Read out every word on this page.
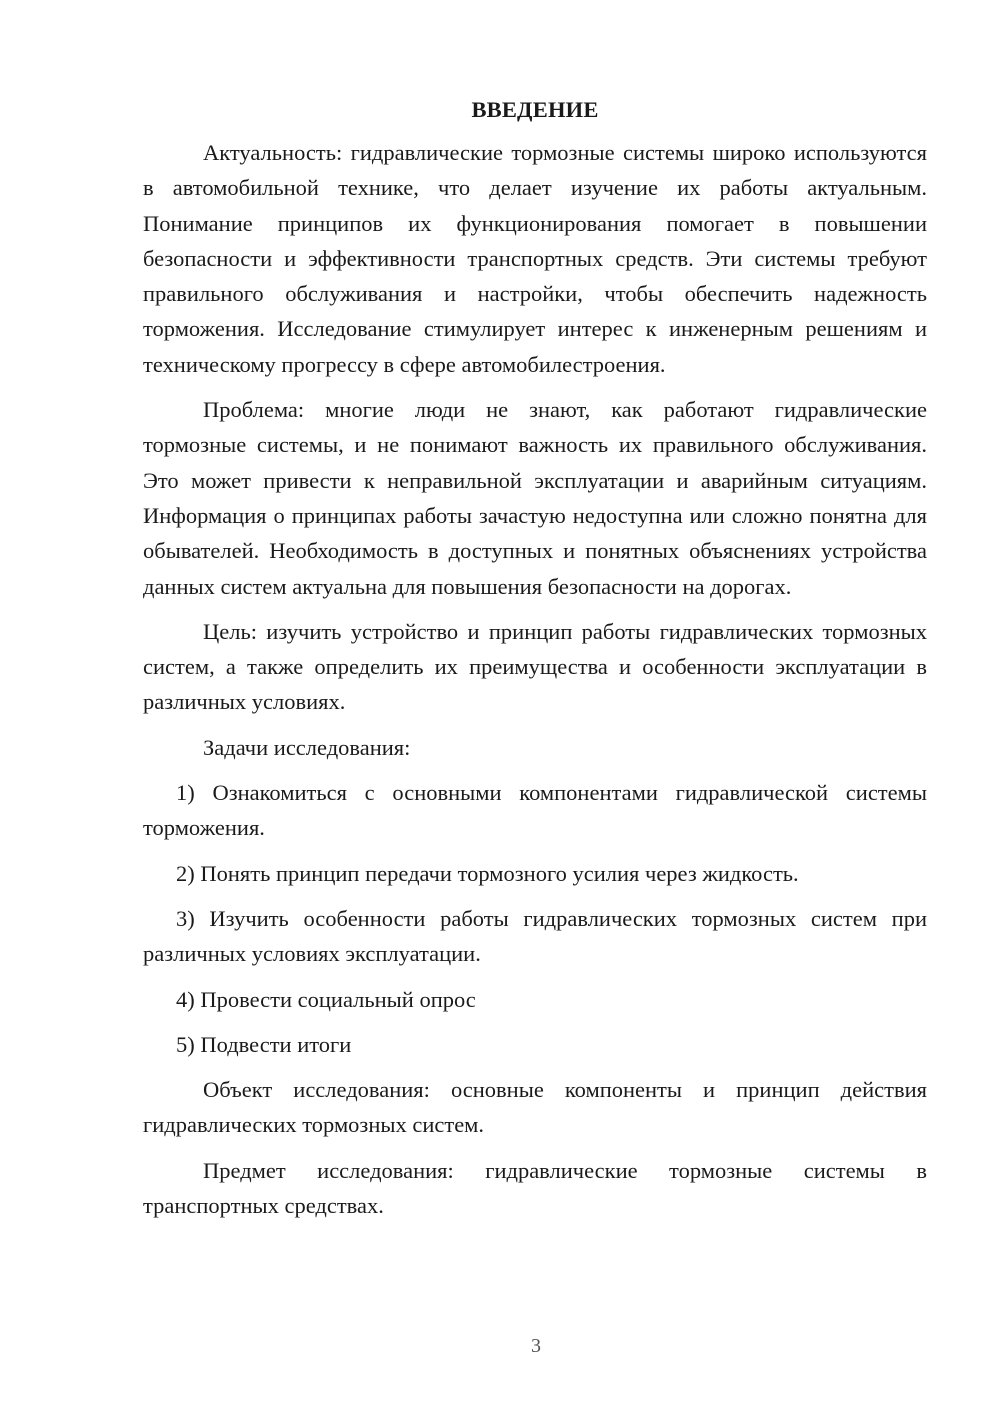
ВВЕДЕНИЕ

Актуальность: гидравлические тормозные системы широко используются в автомобильной технике, что делает изучение их работы актуальным. Понимание принципов их функционирования помогает в повышении безопасности и эффективности транспортных средств. Эти системы требуют правильного обслуживания и настройки, чтобы обеспечить надежность торможения. Исследование стимулирует интерес к инженерным решениям и техническому прогрессу в сфере автомобилестроения.

Проблема: многие люди не знают, как работают гидравлические тормозные системы, и не понимают важность их правильного обслуживания. Это может привести к неправильной эксплуатации и аварийным ситуациям. Информация о принципах работы зачастую недоступна или сложно понятна для обывателей. Необходимость в доступных и понятных объяснениях устройства данных систем актуальна для повышения безопасности на дорогах.

Цель: изучить устройство и принцип работы гидравлических тормозных систем, а также определить их преимущества и особенности эксплуатации в различных условиях.

Задачи исследования:

1) Ознакомиться с основными компонентами гидравлической системы торможения.

2) Понять принцип передачи тормозного усилия через жидкость.

3) Изучить особенности работы гидравлических тормозных систем при различных условиях эксплуатации.

4) Провести социальный опрос

5) Подвести итоги

Объект исследования: основные компоненты и принцип действия гидравлических тормозных систем.

Предмет исследования: гидравлические тормозные системы в транспортных средствах.

3
